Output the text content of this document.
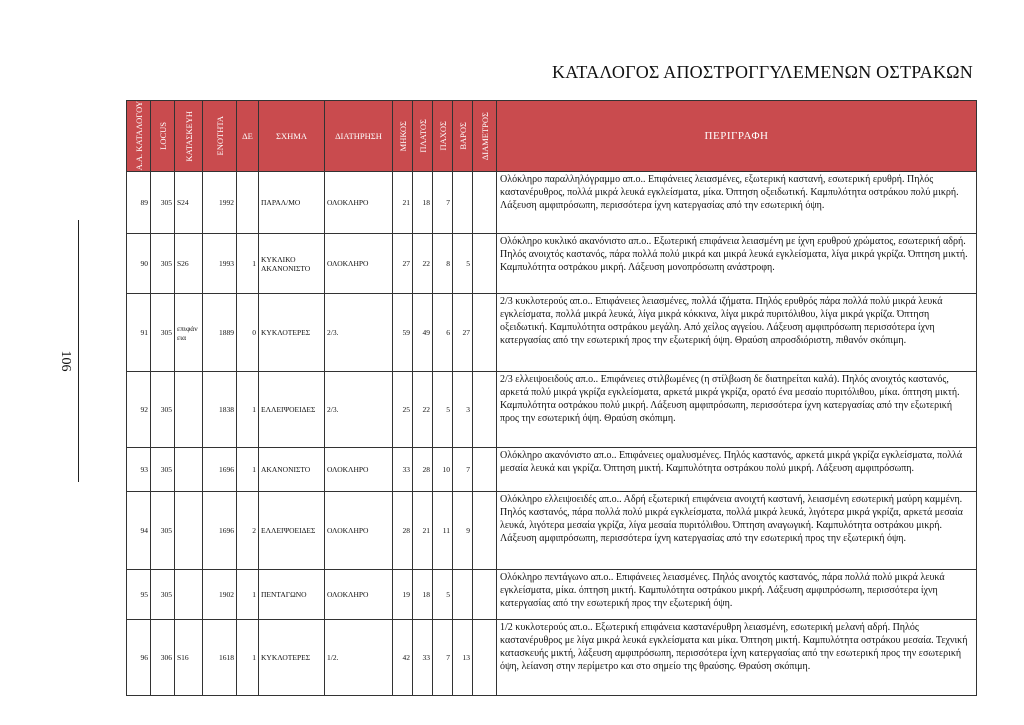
ΚΑΤΑΛΟΓΟΣ ΑΠΟΣΤΡΟΓΓΥΛΕΜΕΝΩΝ ΟΣΤΡΑΚΩΝ
106
Α.Α. ΚΑΤΑΛΟΓΟΥ	LOCUS	ΚΑΤΑΣΚΕΥΗ	ΕΝΟΤΗΤΑ	ΔΕ	ΣΧΗΜΑ	ΔΙΑΤΗΡΗΣΗ	ΜΗΚΟΣ	ΠΛΑΤΟΣ	ΠΑΧΟΣ	ΒΑΡΟΣ	ΔΙΑΜΕΤΡΟΣ	ΠΕΡΙΓΡΑΦΗ

89	305	S24	1992		ΠΑΡΑΛ/ΜΟ	ΟΛΟΚΛΗΡΟ	21	18	7			Ολόκληρο παραλληλόγραμμο απ.ο.. Επιφάνειες λειασμένες, εξωτερική καστανή, εσωτερική ερυθρή. Πηλός καστανέρυθρος, πολλά μικρά λευκά εγκλείσματα, μίκα. Όπτηση οξειδωτική. Καμπυλότητα οστράκου πολύ μικρή. Λάξευση αμφιπρόσωπη, περισσότερα ίχνη κατεργασίας από την εσωτερική όψη.
90	305	S26	1993	1	ΚΥΚΛΙΚΟ ΑΚΑΝΟΝΙΣΤΟ	ΟΛΟΚΛΗΡΟ	27	22	8	5		Ολόκληρο κυκλικό ακανόνιστο απ.ο.. Εξωτερική επιφάνεια λειασμένη με ίχνη ερυθρού χρώματος, εσωτερική αδρή. Πηλός ανοιχτός καστανός, πάρα πολλά πολύ μικρά και μικρά λευκά εγκλείσματα, λίγα μικρά γκρίζα. Όπτηση μικτή. Καμπυλότητα οστράκου μικρή. Λάξευση μονοπρόσωπη ανάστροφη.
91	305	επιφάν εια	1889	0	ΚΥΚΛΟΤΕΡΕΣ	2/3.	59	49	6	27		2/3 κυκλοτερούς απ.ο.. Επιφάνειες λειασμένες, πολλά ιζήματα. Πηλός ερυθρός πάρα πολλά πολύ μικρά λευκά εγκλείσματα, πολλά μικρά λευκά, λίγα μικρά κόκκινα, λίγα μικρά πυριτόλιθου, λίγα μικρά γκρίζα. Όπτηση οξειδωτική. Καμπυλότητα οστράκου μεγάλη. Από χείλος αγγείου. Λάξευση αμφιπρόσωπη περισσότερα ίχνη κατεργασίας από την εσωτερική προς την εξωτερική όψη. Θραύση απροσδιόριστη, πιθανόν σκόπιμη.
92	305		1838	1	ΕΛΛΕΙΨΟΕΙΔΕΣ	2/3.	25	22	5	3		2/3 ελλειψοειδούς απ.ο.. Επιφάνειες στιλβωμένες (η στίλβωση δε διατηρείται καλά). Πηλός ανοιχτός καστανός, αρκετά πολύ μικρά γκρίζα εγκλείσματα, αρκετά μικρά γκρίζα, ορατό ένα μεσαίο πυριτόλιθου, μίκα. όπτηση μικτή. Καμπυλότητα οστράκου πολύ μικρή. Λάξευση αμφιπρόσωπη, περισσότερα ίχνη κατεργασίας από την εξωτερική προς την εσωτερική όψη. Θραύση σκόπιμη.
93	305		1696	1	ΑΚΑΝΟΝΙΣΤΟ	ΟΛΟΚΛΗΡΟ	33	28	10	7		Ολόκληρο ακανόνιστο απ.ο.. Επιφάνειες ομαλυσμένες. Πηλός καστανός, αρκετά μικρά γκρίζα εγκλείσματα, πολλά μεσαία λευκά και γκρίζα. Όπτηση μικτή. Καμπυλότητα οστράκου πολύ μικρή. Λάξευση αμφιπρόσωπη.
94	305		1696	2	ΕΛΛΕΙΨΟΕΙΔΕΣ	ΟΛΟΚΛΗΡΟ	28	21	11	9		Ολόκληρο ελλειψοειδές απ.ο.. Αδρή εξωτερική επιφάνεια ανοιχτή καστανή, λειασμένη εσωτερική μαύρη καμμένη. Πηλός καστανός, πάρα πολλά πολύ μικρά εγκλείσματα, πολλά μικρά λευκά, λιγότερα μικρά γκρίζα, αρκετά μεσαία λευκά, λιγότερα μεσαία γκρίζα, λίγα μεσαία πυριτόλιθου. Όπτηση αναγωγική. Καμπυλότητα οστράκου μικρή. Λάξευση αμφιπρόσωπη, περισσότερα ίχνη κατεργασίας από την εσωτερική προς την εξωτερική όψη.
95	305		1902	1	ΠΕΝΤΑΓΩΝΟ	ΟΛΟΚΛΗΡΟ	19	18	5			Ολόκληρο πεντάγωνο απ.ο.. Επιφάνειες λειασμένες. Πηλός ανοιχτός καστανός, πάρα πολλά πολύ μικρά λευκά εγκλείσματα, μίκα. όπτηση μικτή. Καμπυλότητα οστράκου μικρή. Λάξευση αμφιπρόσωπη, περισσότερα ίχνη κατεργασίας από την εσωτερική προς την εξωτερική όψη.
96	306	S16	1618	1	ΚΥΚΛΟΤΕΡΕΣ	1/2.	42	33	7	13		1/2 κυκλοτερούς απ.ο.. Εξωτερική επιφάνεια καστανέρυθρη λειασμένη, εσωτερική μελανή αδρή. Πηλός καστανέρυθρος με λίγα μικρά λευκά εγκλείσματα και μίκα. Όπτηση μικτή. Καμπυλότητα οστράκου μεσαία. Τεχνική κατασκευής μικτή, λάξευση αμφιπρόσωπη, περισσότερα ίχνη κατεργασίας από την εσωτερική προς την εσωτερική όψη, λείανση στην περίμετρο και στο σημείο της θραύσης. Θραύση σκόπιμη.
